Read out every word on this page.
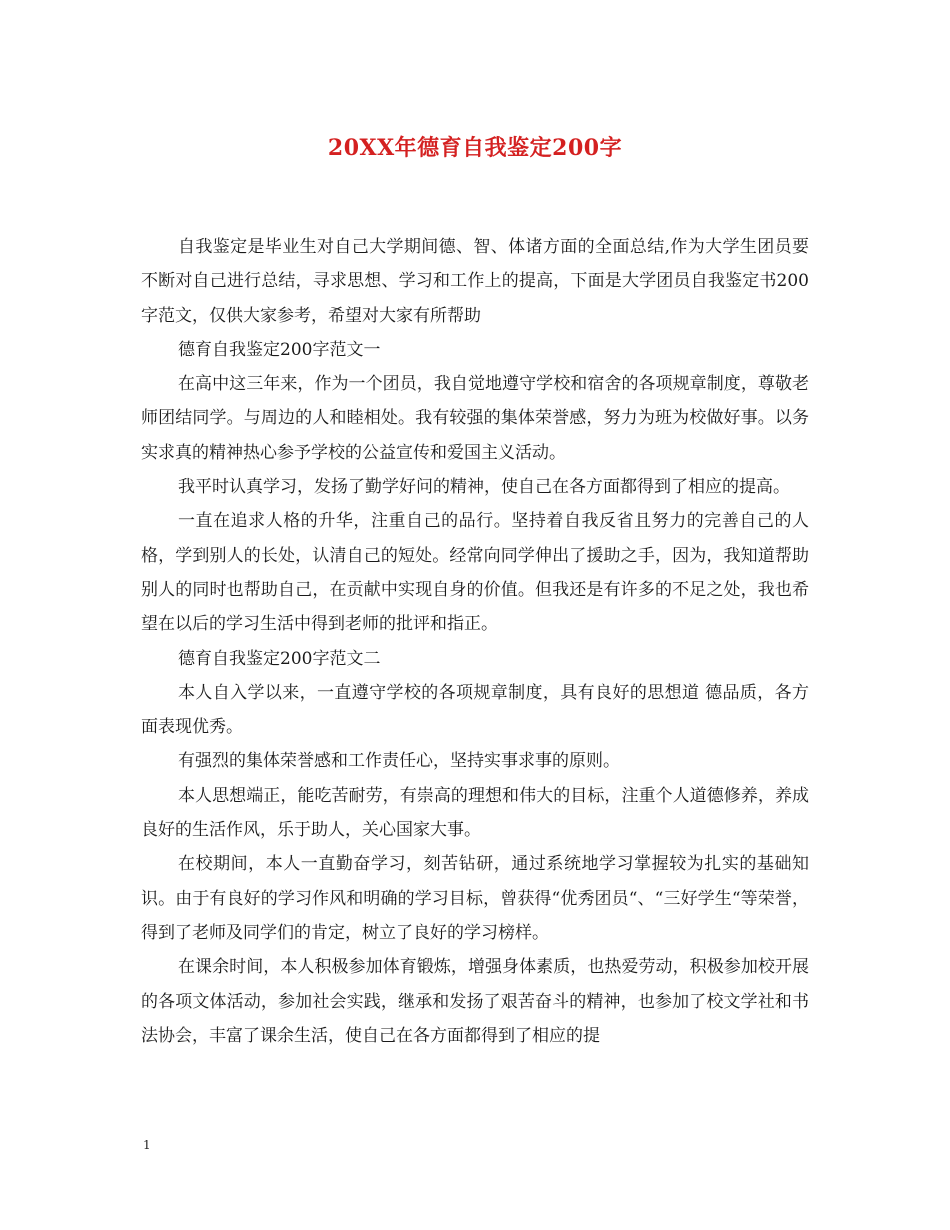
20XX年德育自我鉴定200字

自我鉴定是毕业生对自己大学期间德、智、体诸方面的全面总结,作为大学生团员要不断对自己进行总结，寻求思想、学习和工作上的提高，下面是大学团员自我鉴定书200字范文，仅供大家参考，希望对大家有所帮助

德育自我鉴定200字范文一

在高中这三年来，作为一个团员，我自觉地遵守学校和宿舍的各项规章制度，尊敬老师团结同学。与周边的人和睦相处。我有较强的集体荣誉感，努力为班为校做好事。以务实求真的精神热心参予学校的公益宣传和爱国主义活动。

我平时认真学习，发扬了勤学好问的精神，使自己在各方面都得到了相应的提高。

一直在追求人格的升华，注重自己的品行。坚持着自我反省且努力的完善自己的人格，学到别人的长处，认清自己的短处。经常向同学伸出了援助之手，因为，我知道帮助别人的同时也帮助自己，在贡献中实现自身的价值。但我还是有许多的不足之处，我也希望在以后的学习生活中得到老师的批评和指正。

德育自我鉴定200字范文二

本人自入学以来，一直遵守学校的各项规章制度，具有良好的思想道 德品质，各方面表现优秀。

有强烈的集体荣誉感和工作责任心，坚持实事求事的原则。

本人思想端正，能吃苦耐劳，有崇高的理想和伟大的目标，注重个人道德修养，养成良好的生活作风，乐于助人，关心国家大事。

在校期间，本人一直勤奋学习，刻苦钻研，通过系统地学习掌握较为扎实的基础知识。由于有良好的学习作风和明确的学习目标，曾获得“优秀团员“、“三好学生“等荣誉，得到了老师及同学们的肯定，树立了良好的学习榜样。

在课余时间，本人积极参加体育锻炼，增强身体素质，也热爱劳动，积极参加校开展的各项文体活动，参加社会实践，继承和发扬了艰苦奋斗的精神，也参加了校文学社和书法协会，丰富了课余生活，使自己在各方面都得到了相应的提

1
